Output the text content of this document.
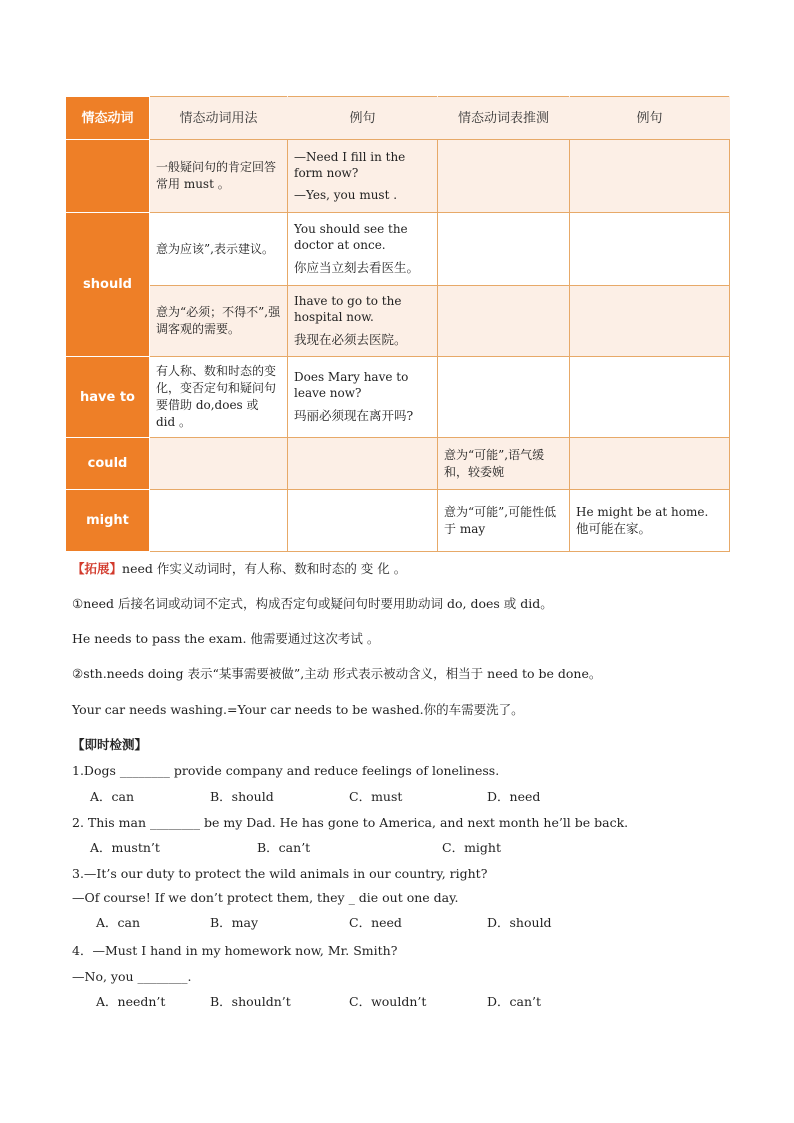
情态动词	情态动词用法	例句	情态动词表推测	例句
	一般疑问句的肯定回答常用 must 。	—Need I fill in the form now?
—Yes, you must .		

should	意为应该”,表示建议。	You should see the doctor at once.
你应当立刻去看医生。		

	意为“必须；不得不”,强调客观的需要。	Ihave to go to the hospital now.
我现在必须去医院。		

have to	有人称、数和时态的变化，变否定句和疑问句 要借助 do,does 或 did 。	Does Mary have to leave now?
玛丽必须现在离开吗?		

could			意为“可能”,语气缓和，较委婉	
might			意为“可能”,可能性低于 may	He might be at home.
他可能在家。
【拓展】need 作实义动词时，有人称、数和时态的 变 化 。
①need 后接名词或动词不定式，构成否定句或疑问句时要用助动词 do, does 或 did。
He needs to pass the exam. 他需要通过这次考试 。
②sth.needs doing 表示“某事需要被做”,主动 形式表示被动含义，相当于 need to be done。
Your car needs washing.=Your car needs to be washed.你的车需要洗了。
【即时检测】
1.Dogs ________ provide company and reduce feelings of loneliness.
A．can	B．should	C．must	D．need
2. This man ________ be my Dad. He has gone to America, and next month he’ll be back.
A．mustn’t	B．can’t	C．might
3.—It’s our duty to protect the wild animals in our country, right?
—Of course! If we don’t protect them, they _ die out one day.
A．can	B．may	C．need	D．should
4．—Must I hand in my homework now, Mr. Smith?
—No, you ________.
A．needn’t	B．shouldn’t	C．wouldn’t	D．can’t
